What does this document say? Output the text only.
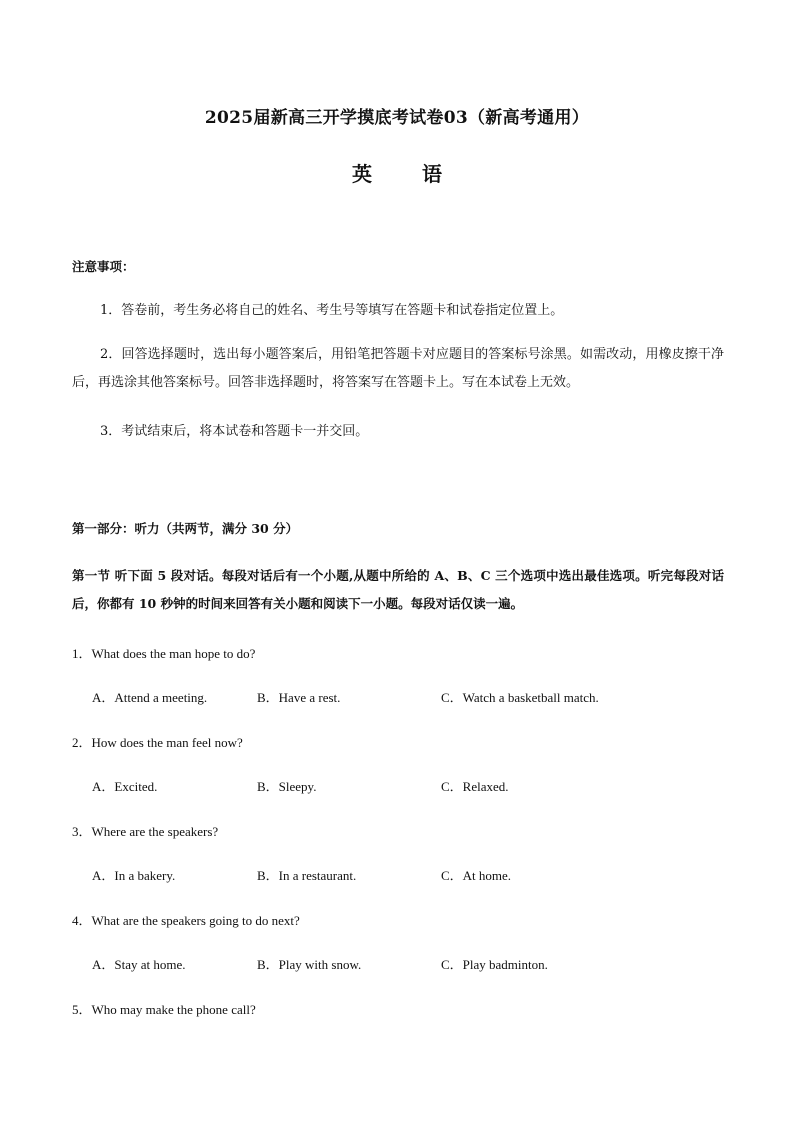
2025届新高三开学摸底考试卷03（新高考通用）
英语
注意事项：
1．答卷前，考生务必将自己的姓名、考生号等填写在答题卡和试卷指定位置上。
2．回答选择题时，选出每小题答案后，用铅笔把答题卡对应题目的答案标号涂黑。如需改动，用橡皮擦干净后，再选涂其他答案标号。回答非选择题时，将答案写在答题卡上。写在本试卷上无效。
3．考试结束后，将本试卷和答题卡一并交回。
第一部分：听力（共两节，满分 30 分）
第一节 听下面 5 段对话。每段对话后有一个小题,从题中所给的 A、B、C 三个选项中选出最佳选项。听完每段对话后，你都有 10 秒钟的时间来回答有关小题和阅读下一小题。每段对话仅读一遍。
1．What does the man hope to do?
A．Attend a meeting.	B．Have a rest.	C．Watch a basketball match.
2．How does the man feel now?
A．Excited.	B．Sleepy.	C．Relaxed.
3．Where are the speakers?
A．In a bakery.	B．In a restaurant.	C．At home.
4．What are the speakers going to do next?
A．Stay at home.	B．Play with snow.	C．Play badminton.
5．Who may make the phone call?
